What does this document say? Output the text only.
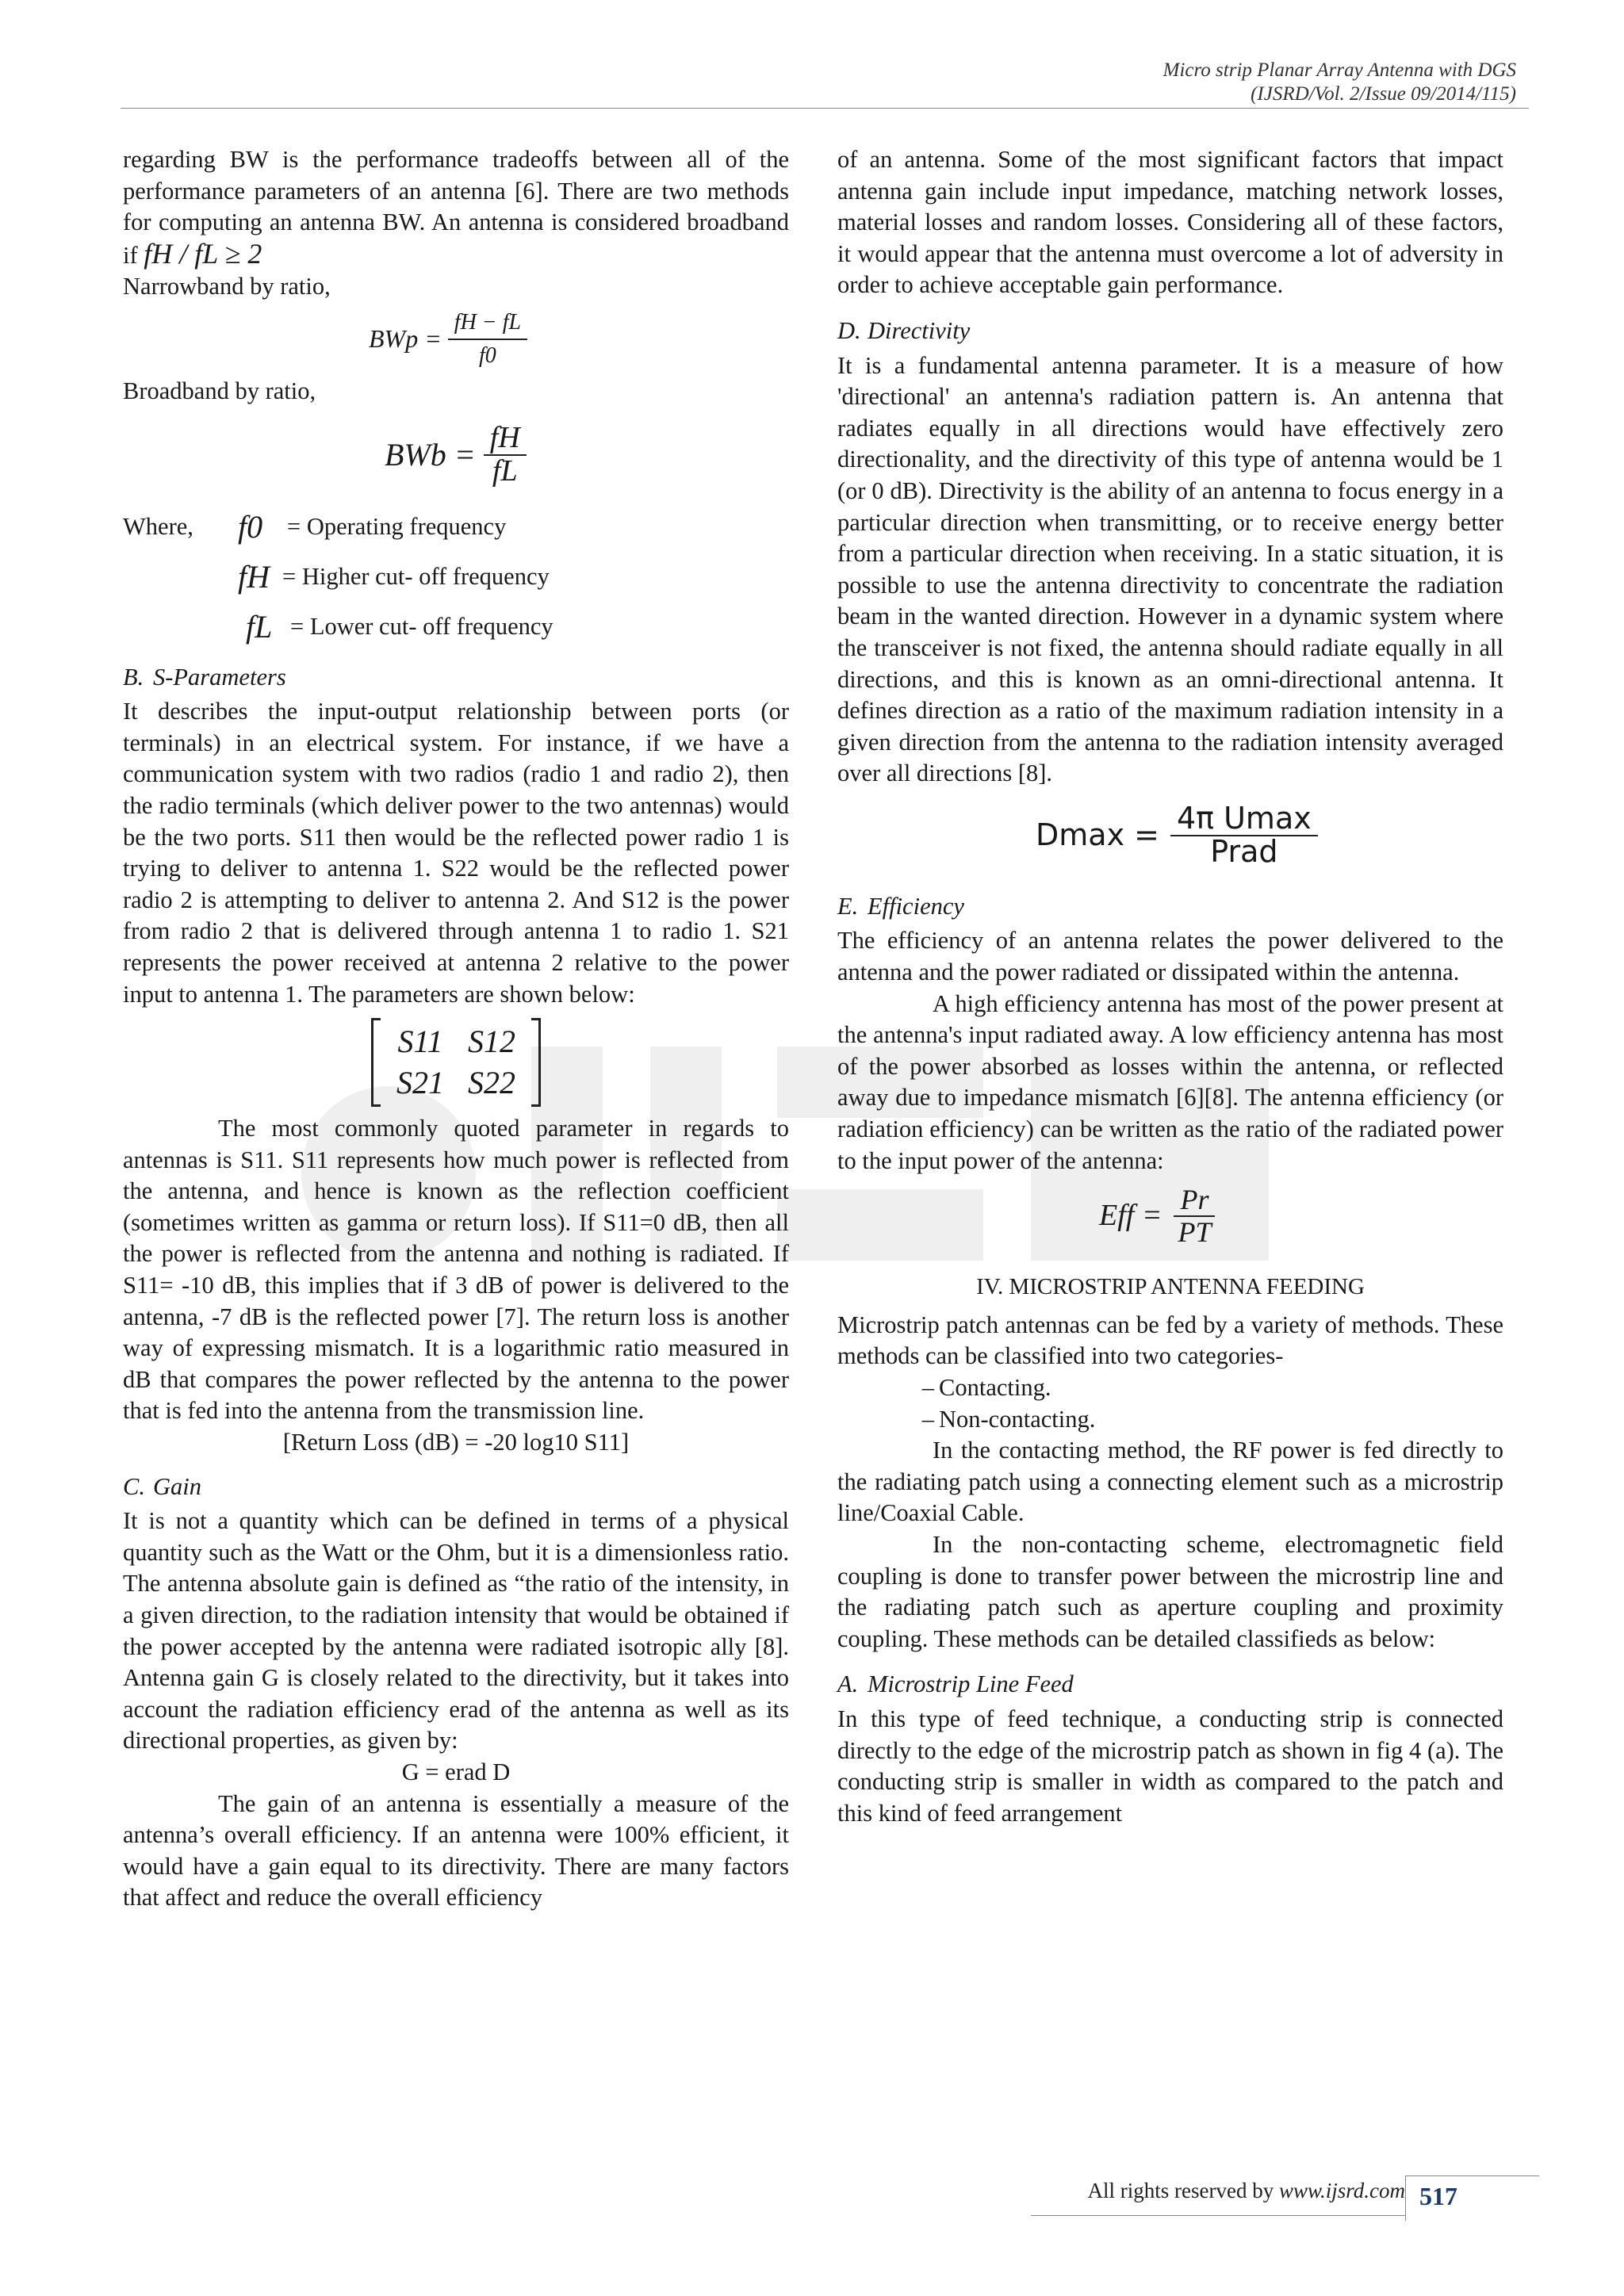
Micro strip Planar Array Antenna with DGS
(IJSRD/Vol. 2/Issue 09/2014/115)

regarding BW is the performance tradeoffs between all of the performance parameters of an antenna [6]. There are two methods for computing an antenna BW. An antenna is considered broadband if fH / fL ≥ 2

Narrowband by ratio,

BWp = $\frac{fH - fL}{f0}$

Broadband by ratio,

BWb = $\frac{fH}{fL}$
Where,	f0	= Operating frequency
fH = Higher cut- off frequency
fL = Lower cut- off frequency
B. S-Parameters

It describes the input-output relationship between ports (or terminals) in an electrical system. For instance, if we have a communication system with two radios (radio 1 and radio 2), then the radio terminals (which deliver power to the two antennas) would be the two ports. S11 then would be the reflected power radio 1 is trying to deliver to antenna 1. S22 would be the reflected power radio 2 is attempting to deliver to antenna 2. And S12 is the power from radio 2 that is delivered through antenna 1 to radio 1. S21 represents the power received at antenna 2 relative to the power input to antenna 1. The parameters are shown below:

S11 S12
S21 S22

The most commonly quoted parameter in regards to antennas is S11. S11 represents how much power is reflected from the antenna, and hence is known as the reflection coefficient (sometimes written as gamma or return loss). If S11=0 dB, then all the power is reflected from the antenna and nothing is radiated. If S11= -10 dB, this implies that if 3 dB of power is delivered to the antenna, -7 dB is the reflected power [7]. The return loss is another way of expressing mismatch. It is a logarithmic ratio measured in dB that compares the power reflected by the antenna to the power that is fed into the antenna from the transmission line.

[Return Loss (dB) = -20 log10 S11]

C. Gain

It is not a quantity which can be defined in terms of a physical quantity such as the Watt or the Ohm, but it is a dimensionless ratio. The antenna absolute gain is defined as “the ratio of the intensity, in a given direction, to the radiation intensity that would be obtained if the power accepted by the antenna were radiated isotropic ally [8]. Antenna gain G is closely related to the directivity, but it takes into account the radiation efficiency erad of the antenna as well as its directional properties, as given by:

G = erad D

The gain of an antenna is essentially a measure of the antenna’s overall efficiency. If an antenna were 100% efficient, it would have a gain equal to its directivity. There are many factors that affect and reduce the overall efficiency

of an antenna. Some of the most significant factors that impact antenna gain include input impedance, matching network losses, material losses and random losses. Considering all of these factors, it would appear that the antenna must overcome a lot of adversity in order to achieve acceptable gain performance.

D. Directivity

It is a fundamental antenna parameter. It is a measure of how 'directional' an antenna's radiation pattern is. An antenna that radiates equally in all directions would have effectively zero directionality, and the directivity of this type of antenna would be 1 (or 0 dB). Directivity is the ability of an antenna to focus energy in a particular direction when transmitting, or to receive energy better from a particular direction when receiving. In a static situation, it is possible to use the antenna directivity to concentrate the radiation beam in the wanted direction. However in a dynamic system where the transceiver is not fixed, the antenna should radiate equally in all directions, and this is known as an omni-directional antenna. It defines direction as a ratio of the maximum radiation intensity in a given direction from the antenna to the radiation intensity averaged over all directions [8].

$Dmax = \frac{\text{4π Umax}}{\text{Prad}}$
E. Efficiency

The efficiency of an antenna relates the power delivered to the antenna and the power radiated or dissipated within the antenna.

A high efficiency antenna has most of the power present at the antenna's input radiated away. A low efficiency antenna has most of the power absorbed as losses within the antenna, or reflected away due to impedance mismatch [6][8]. The antenna efficiency (or radiation efficiency) can be written as the ratio of the radiated power to the input power of the antenna:

Eff = $\frac{Pr}{PT}$

IV. MICROSTRIP ANTENNA FEEDING

Microstrip patch antennas can be fed by a variety of methods. These methods can be classified into two categories-

– Contacting.
– Non-contacting.

In the contacting method, the RF power is fed directly to the radiating patch using a connecting element such as a microstrip line/Coaxial Cable.

In the non-contacting scheme, electromagnetic field coupling is done to transfer power between the microstrip line and the radiating patch such as aperture coupling and proximity coupling. These methods can be detailed classifieds as below:

A. Microstrip Line Feed

In this type of feed technique, a conducting strip is connected directly to the edge of the microstrip patch as shown in fig 4 (a). The conducting strip is smaller in width as compared to the patch and this kind of feed arrangement

All rights reserved by www.ijsrd.com 517
